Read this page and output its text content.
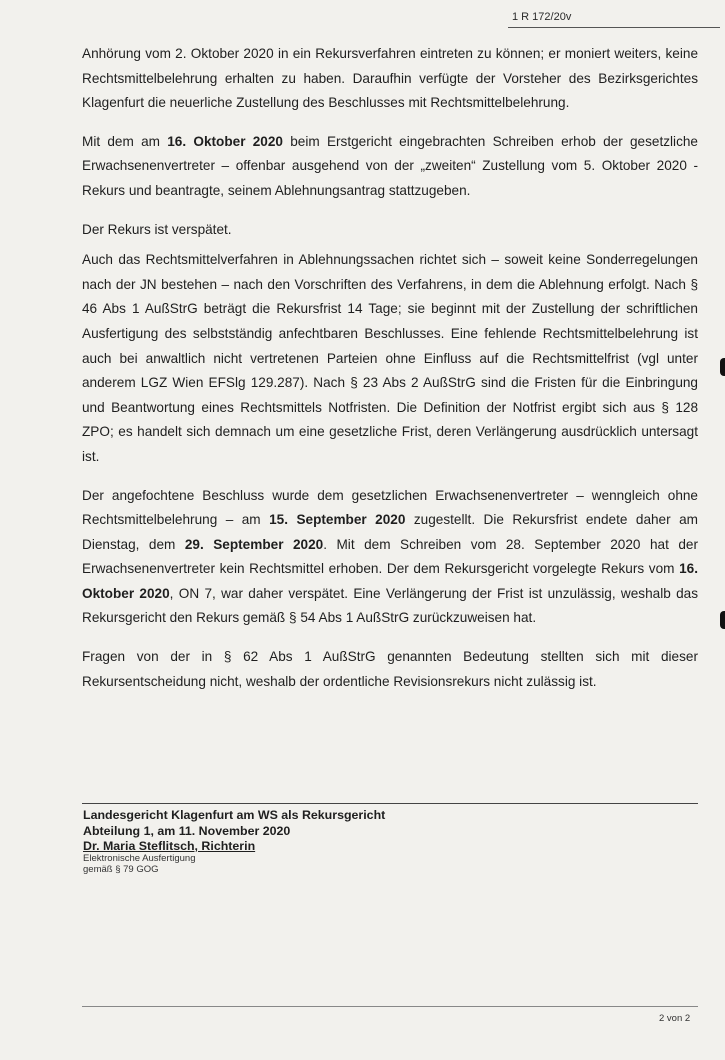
1 R 172/20v

Anhörung vom 2. Oktober 2020 in ein Rekursverfahren eintreten zu können; er moniert weiters, keine Rechtsmittelbelehrung erhalten zu haben. Daraufhin verfügte der Vorsteher des Bezirksgerichtes Klagenfurt die neuerliche Zustellung des Beschlusses mit Rechtsmittelbelehrung.

Mit dem am 16. Oktober 2020 beim Erstgericht eingebrachten Schreiben erhob der gesetzliche Erwachsenenvertreter – offenbar ausgehend von der „zweiten“ Zustellung vom 5. Oktober 2020 - Rekurs und beantragte, seinem Ablehnungsantrag stattzugeben.

Der Rekurs ist verspätet.

Auch das Rechtsmittelverfahren in Ablehnungssachen richtet sich – soweit keine Sonderregelungen nach der JN bestehen – nach den Vorschriften des Verfahrens, in dem die Ablehnung erfolgt. Nach § 46 Abs 1 AußStrG beträgt die Rekursfrist 14 Tage; sie beginnt mit der Zustellung der schriftlichen Ausfertigung des selbstständig anfechtbaren Beschlusses. Eine fehlende Rechtsmittelbelehrung ist auch bei anwaltlich nicht vertretenen Parteien ohne Einfluss auf die Rechtsmittelfrist (vgl unter anderem LGZ Wien EFSlg 129.287). Nach § 23 Abs 2 AußStrG sind die Fristen für die Einbringung und Beantwortung eines Rechtsmittels Notfristen. Die Definition der Notfrist ergibt sich aus § 128 ZPO; es handelt sich demnach um eine gesetzliche Frist, deren Verlängerung ausdrücklich untersagt ist.

Der angefochtene Beschluss wurde dem gesetzlichen Erwachsenenvertreter – wenngleich ohne Rechtsmittelbelehrung – am 15. September 2020 zugestellt. Die Rekursfrist endete daher am Dienstag, dem 29. September 2020. Mit dem Schreiben vom 28. September 2020 hat der Erwachsenenvertreter kein Rechtsmittel erhoben. Der dem Rekursgericht vorgelegte Rekurs vom 16. Oktober 2020, ON 7, war daher verspätet. Eine Verlängerung der Frist ist unzulässig, weshalb das Rekursgericht den Rekurs gemäß § 54 Abs 1 AußStrG zurückzuweisen hat.

Fragen von der in § 62 Abs 1 AußStrG genannten Bedeutung stellten sich mit dieser Rekursentscheidung nicht, weshalb der ordentliche Revisionsrekurs nicht zulässig ist.

Landesgericht Klagenfurt am WS als Rekursgericht
Abteilung 1, am 11. November 2020
Dr. Maria Steflitsch, Richterin
Elektronische Ausfertigung
gemäß § 79 GOG
2 von 2
